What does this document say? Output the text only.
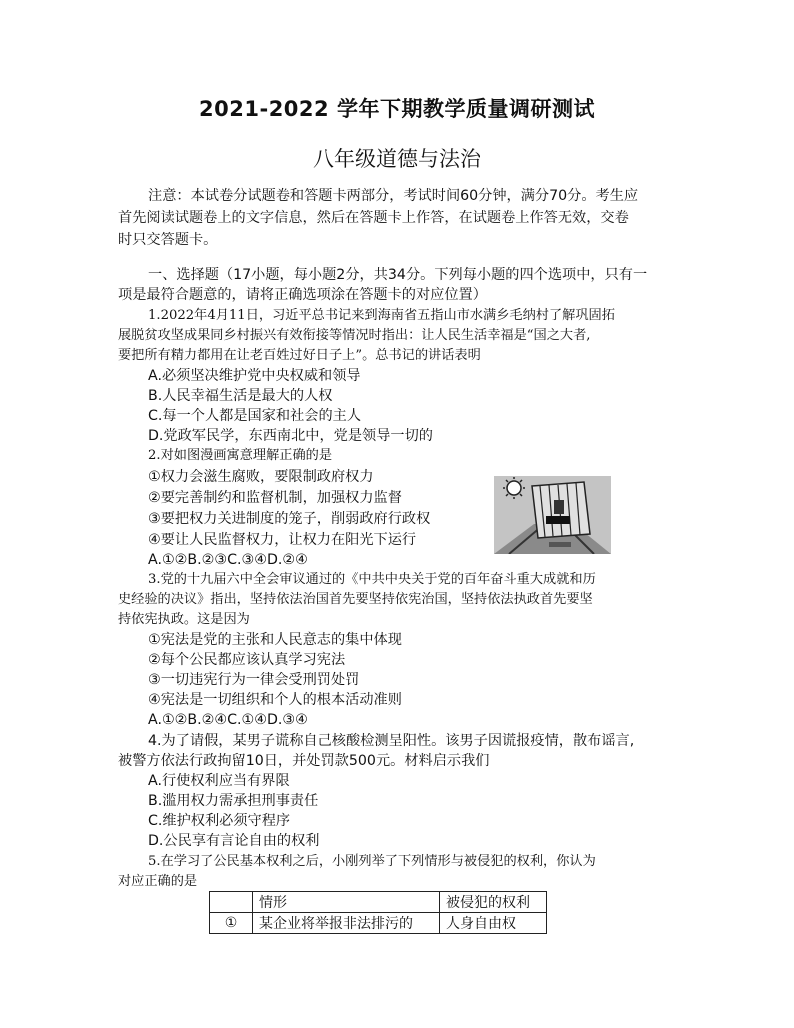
2021-2022 学年下期教学质量调研测试
八年级道德与法治
注意：本试卷分试题卷和答题卡两部分，考试时间60分钟，满分70分。考生应
首先阅读试题卷上的文字信息，然后在答题卡上作答，在试题卷上作答无效，交卷
时只交答题卡。
一、选择题（17小题，每小题2分，共34分。下列每小题的四个选项中，只有一
项是最符合题意的，请将正确选项涂在答题卡的对应位置）
1.2022年4月11日，习近平总书记来到海南省五指山市水满乡毛纳村了解巩固拓
展脱贫攻坚成果同乡村振兴有效衔接等情况时指出：让人民生活幸福是“国之大者,
要把所有精力都用在让老百姓过好日子上”。总书记的讲话表明
A.必须坚决维护党中央权威和领导
B.人民幸福生活是最大的人权
C.每一个人都是国家和社会的主人
D.党政军民学，东西南北中，党是领导一切的
2.对如图漫画寓意理解正确的是
①权力会滋生腐败，要限制政府权力
②要完善制约和监督机制，加强权力监督
③要把权力关进制度的笼子，削弱政府行政权
④要让人民监督权力，让权力在阳光下运行
A.①②B.②③C.③④D.②④
3.党的十九届六中全会审议通过的《中共中央关于党的百年奋斗重大成就和历
史经验的决议》指出，坚持依法治国首先要坚持依宪治国，坚持依法执政首先要坚
持依宪执政。这是因为
①宪法是党的主张和人民意志的集中体现
②每个公民都应该认真学习宪法
③一切违宪行为一律会受刑罚处罚
④宪法是一切组织和个人的根本活动准则
A.①②B.②④C.①④D.③④
4.为了请假，某男子谎称自己核酸检测呈阳性。该男子因谎报疫情，散布谣言,
被警方依法行政拘留10日，并处罚款500元。材料启示我们
A.行使权利应当有界限
B.滥用权力需承担刑事责任
C.维护权利必须守程序
D.公民享有言论自由的权利
5.在学习了公民基本权利之后，小刚列举了下列情形与被侵犯的权利，你认为
对应正确的是
	情形	被侵犯的权利
①	某企业将举报非法排污的	人身自由权
